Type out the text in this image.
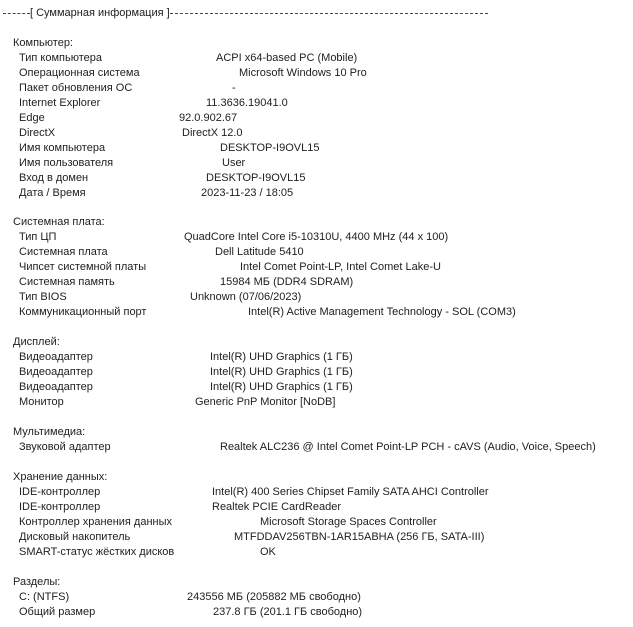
[ Суммарная информация ]
Компьютер:
Тип компьютера	ACPI x64-based PC (Mobile)
Операционная система	Microsoft Windows 10 Pro
Пакет обновления ОС	-
Internet Explorer	11.3636.19041.0
Edge	92.0.902.67
DirectX	DirectX 12.0
Имя компьютера	DESKTOP-I9OVL15
Имя пользователя	User
Вход в домен	DESKTOP-I9OVL15
Дата / Время	2023-11-23 / 18:05
Системная плата:
Тип ЦП	QuadCore Intel Core i5-10310U, 4400 MHz (44 x 100)
Системная плата	Dell Latitude 5410
Чипсет системной платы	Intel Comet Point-LP, Intel Comet Lake-U
Системная память	15984 МБ (DDR4 SDRAM)
Тип BIOS	Unknown (07/06/2023)
Коммуникационный порт	Intel(R) Active Management Technology - SOL (COM3)
Дисплей:
Видеоадаптер	Intel(R) UHD Graphics (1 ГБ)
Видеоадаптер	Intel(R) UHD Graphics (1 ГБ)
Видеоадаптер	Intel(R) UHD Graphics (1 ГБ)
Монитор	Generic PnP Monitor [NoDB]
Мультимедиа:
Звуковой адаптер	Realtek ALC236 @ Intel Comet Point-LP PCH - cAVS (Audio, Voice, Speech)
Хранение данных:
IDE-контроллер	Intel(R) 400 Series Chipset Family SATA AHCI Controller
IDE-контроллер	Realtek PCIE CardReader
Контроллер хранения данных	Microsoft Storage Spaces Controller
Дисковый накопитель	MTFDDAV256TBN-1AR15ABHA (256 ГБ, SATA-III)
SMART-статус жёстких дисков	OK
Разделы:
C: (NTFS)	243556 МБ (205882 МБ свободно)
Общий размер	237.8 ГБ (201.1 ГБ свободно)
